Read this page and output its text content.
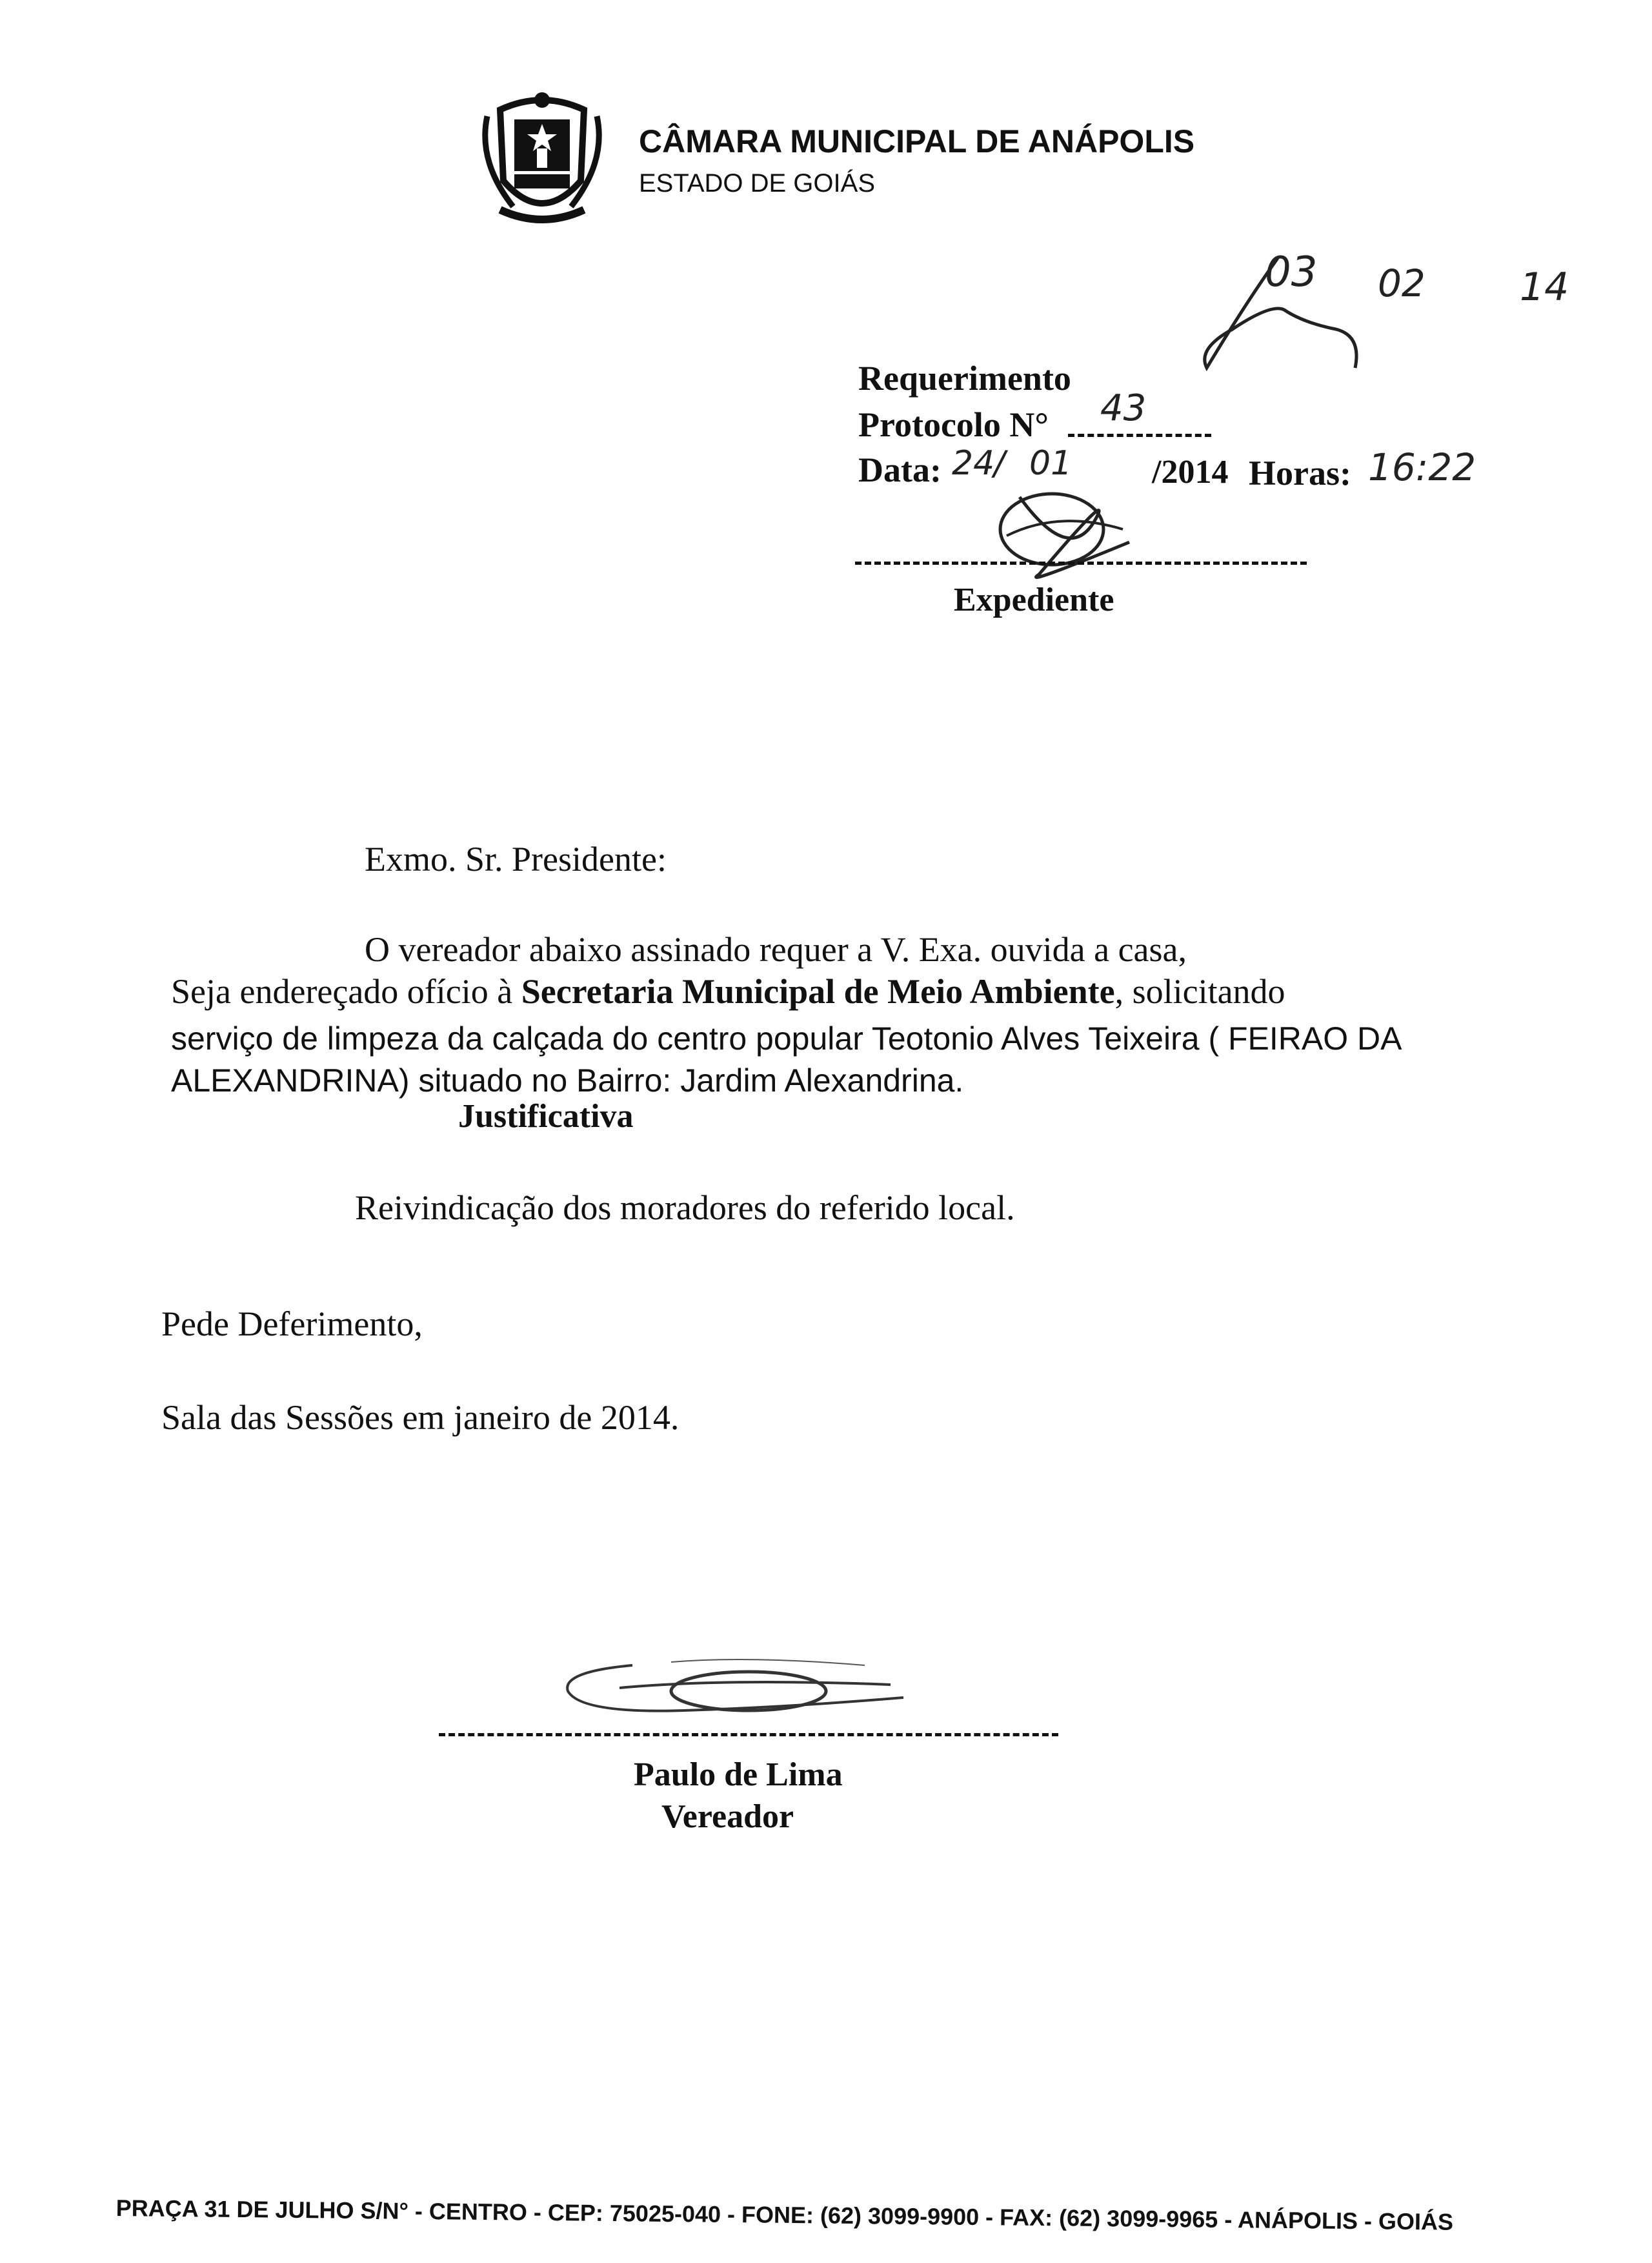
CÂMARA MUNICIPAL DE ANÁPOLIS
ESTADO DE GOIÁS
03 02 14
Requerimento
Protocolo N° 43
Data: 24
/ 01 /2014 Horas: 16:22
Expediente
Exmo. Sr. Presidente:
O vereador abaixo assinado requer a V. Exa. ouvida a casa,
Seja endereçado ofício à Secretaria Municipal de Meio Ambiente, solicitando
serviço de limpeza da calçada do centro popular Teotonio Alves Teixeira ( FEIRAO DA
ALEXANDRINA) situado no Bairro: Jardim Alexandrina.
Justificativa
Reivindicação dos moradores do referido local.
Pede Deferimento,
Sala das Sessões em janeiro de 2014.
Paulo de Lima
Vereador
PRAÇA 31 DE JULHO S/N° - CENTRO - CEP: 75025-040 - FONE: (62) 3099-9900 - FAX: (62) 3099-9965 - ANÁPOLIS - GOIÁS
